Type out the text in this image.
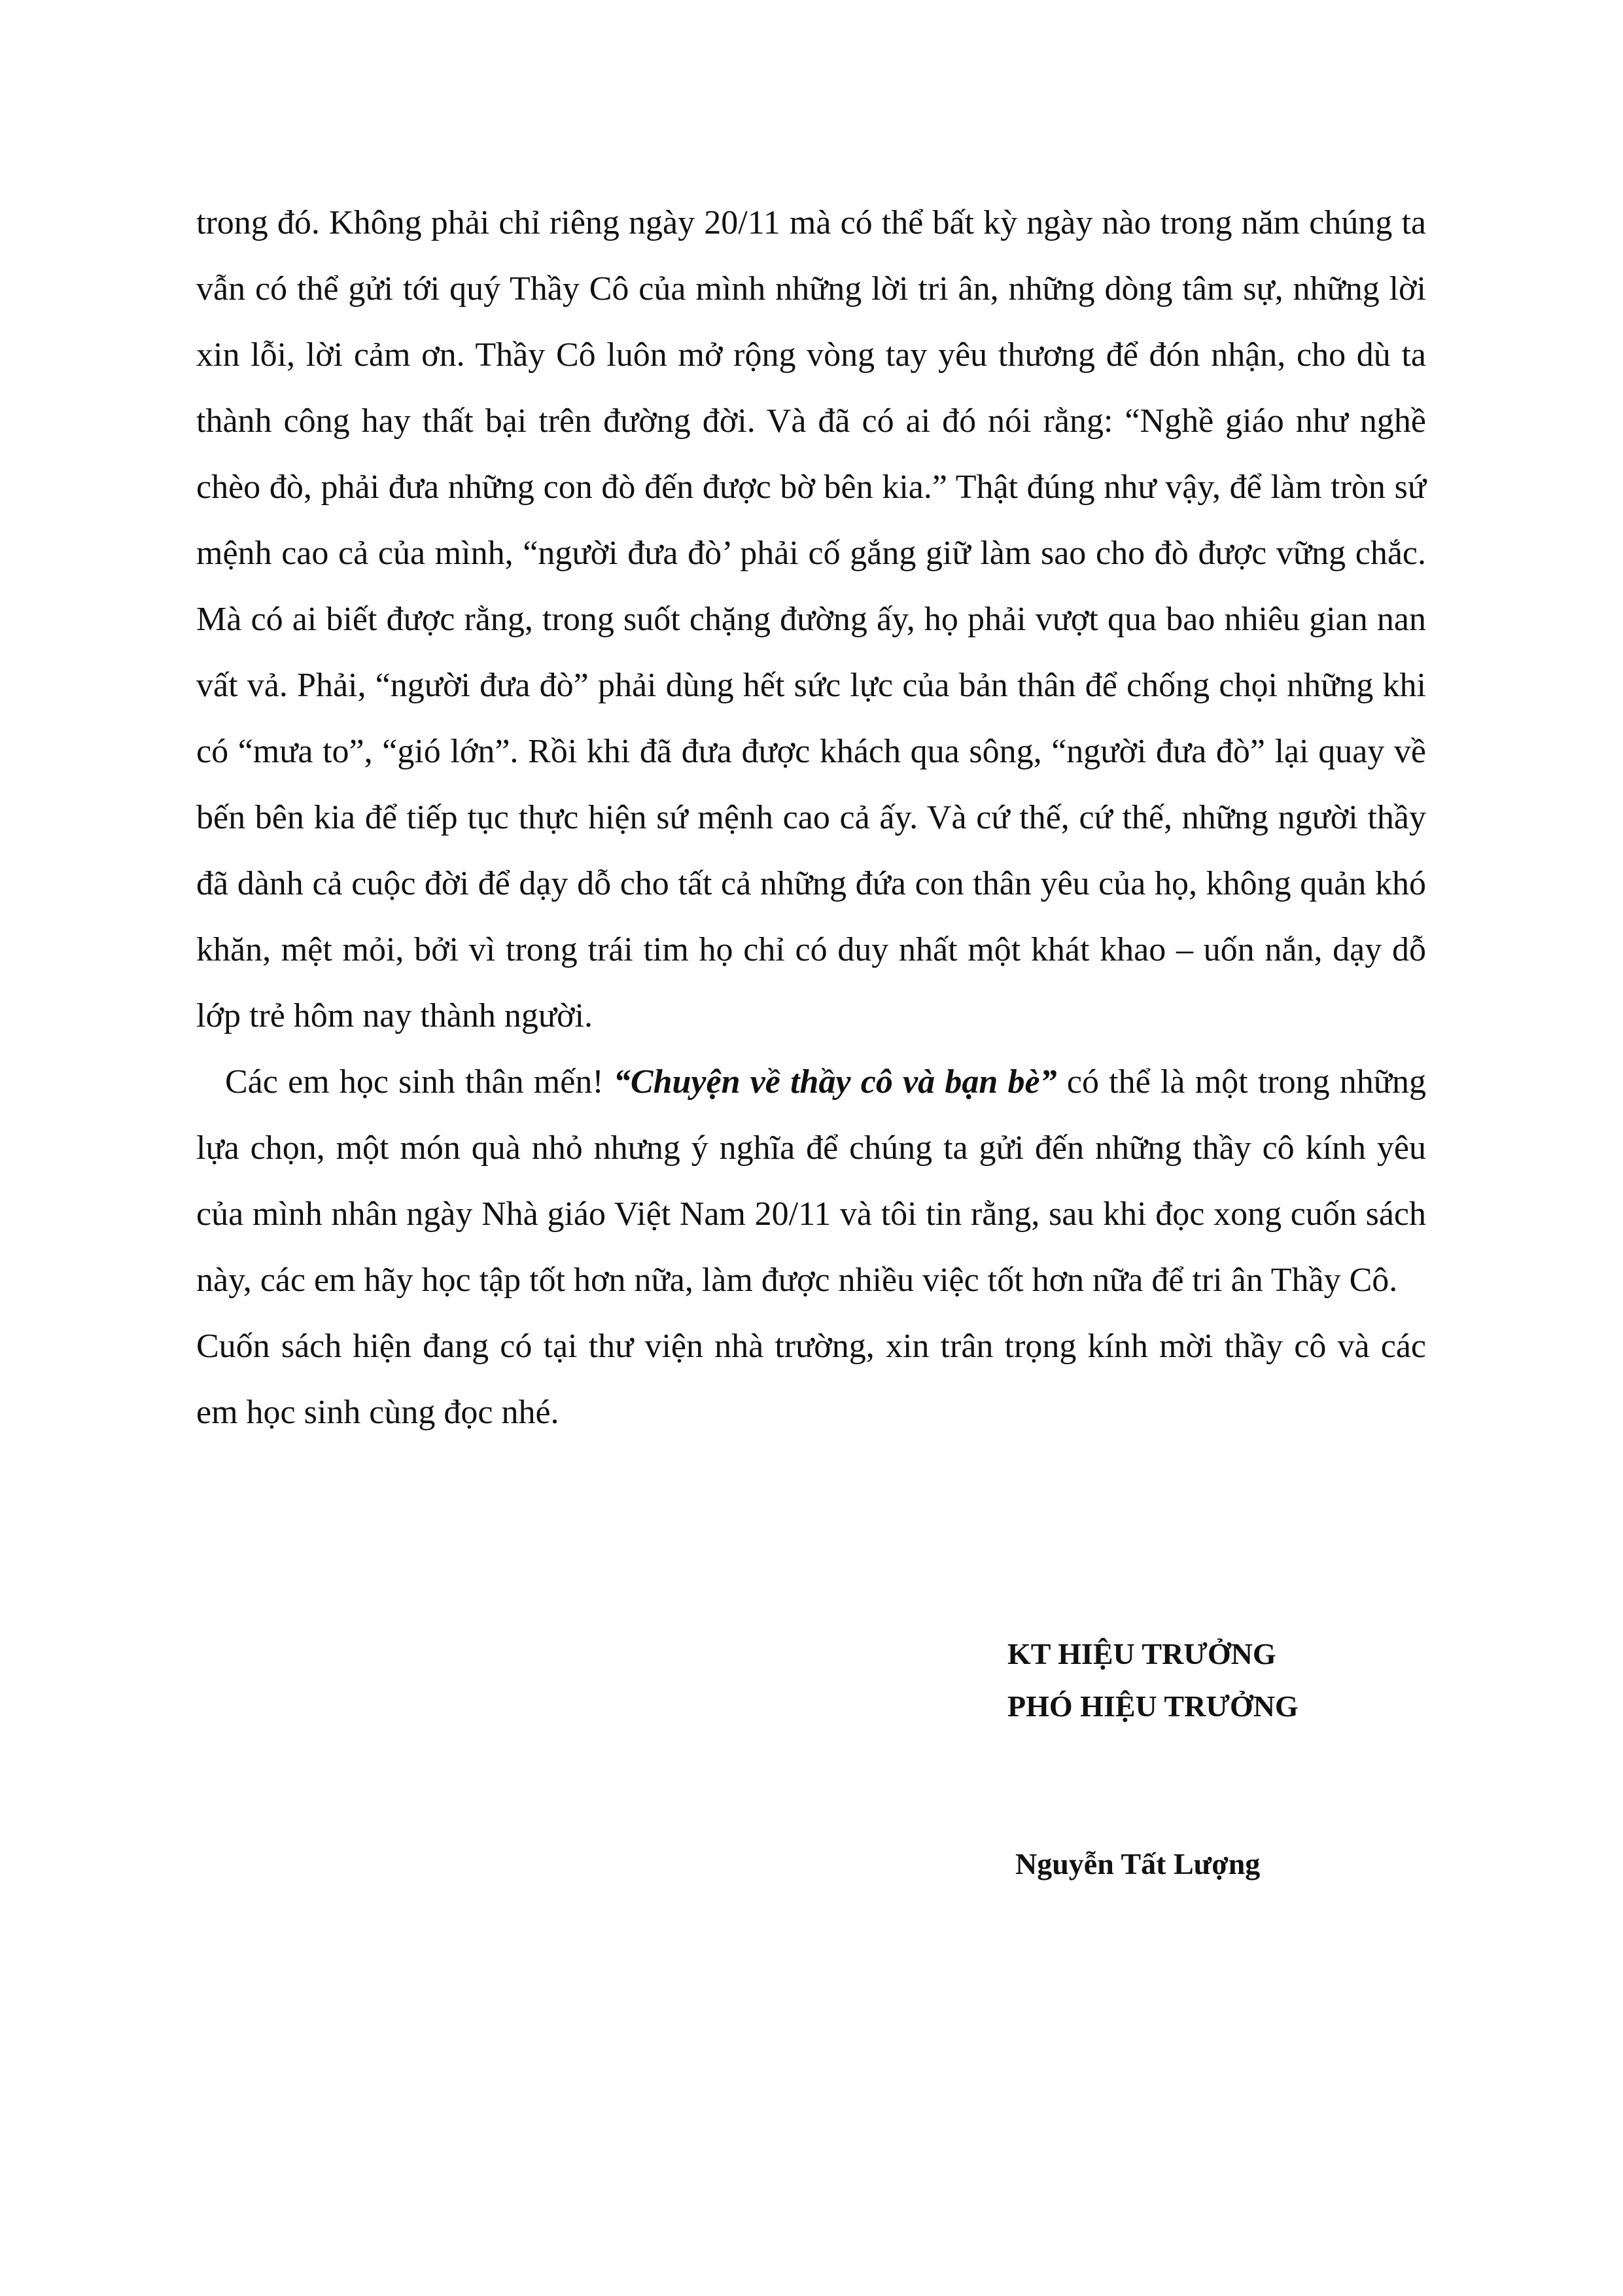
trong đó. Không phải chỉ riêng ngày 20/11 mà có thể bất kỳ ngày nào trong năm chúng ta vẫn có thể gửi tới quý Thầy Cô của mình những lời tri ân, những dòng tâm sự, những lời xin lỗi, lời cảm ơn. Thầy Cô luôn mở rộng vòng tay yêu thương để đón nhận, cho dù ta thành công hay thất bại trên đường đời. Và đã có ai đó nói rằng: “Nghề giáo như nghề chèo đò, phải đưa những con đò đến được bờ bên kia.” Thật đúng như vậy, để làm tròn sứ mệnh cao cả của mình, “người đưa đò’ phải cố gắng giữ làm sao cho đò được vững chắc. Mà có ai biết được rằng, trong suốt chặng đường ấy, họ phải vượt qua bao nhiêu gian nan vất vả. Phải, “người đưa đò” phải dùng hết sức lực của bản thân để chống chọi những khi có “mưa to”, “gió lớn”. Rồi khi đã đưa được khách qua sông, “người đưa đò” lại quay về bến bên kia để tiếp tục thực hiện sứ mệnh cao cả ấy. Và cứ thế, cứ thế, những người thầy đã dành cả cuộc đời để dạy dỗ cho tất cả những đứa con thân yêu của họ, không quản khó khăn, mệt mỏi, bởi vì trong trái tim họ chỉ có duy nhất một khát khao – uốn nắn, dạy dỗ lớp trẻ hôm nay thành người.

Các em học sinh thân mến! “Chuyện về thầy cô và bạn bè” có thể là một trong những lựa chọn, một món quà nhỏ nhưng ý nghĩa để chúng ta gửi đến những thầy cô kính yêu của mình nhân ngày Nhà giáo Việt Nam 20/11 và tôi tin rằng, sau khi đọc xong cuốn sách này, các em hãy học tập tốt hơn nữa, làm được nhiều việc tốt hơn nữa để tri ân Thầy Cô.

Cuốn sách hiện đang có tại thư viện nhà trường, xin trân trọng kính mời thầy cô và các em học sinh cùng đọc nhé.

KT HIỆU TRƯỞNG
PHÓ HIỆU TRƯỞNG
Nguyễn Tất Lượng
